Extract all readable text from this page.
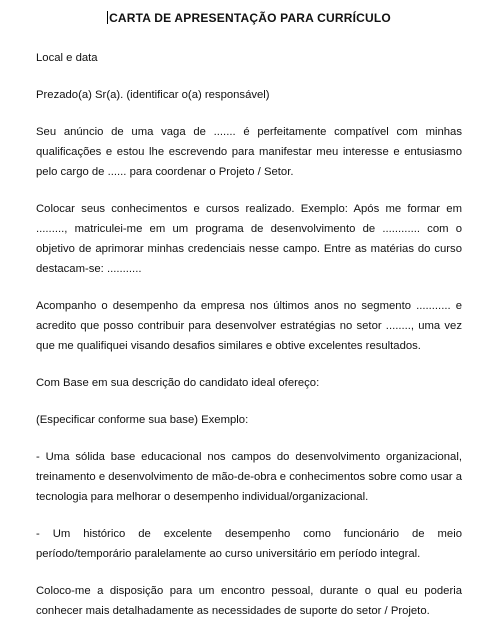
CARTA DE APRESENTAÇÃO PARA CURRÍCULO

Local e data

Prezado(a) Sr(a). (identificar o(a) responsável)

Seu anúncio de uma vaga de ....... é perfeitamente compatível com minhas qualificações e estou lhe escrevendo para manifestar meu interesse e entusiasmo pelo cargo de ...... para coordenar o Projeto / Setor.

Colocar seus conhecimentos e cursos realizado. Exemplo: Após me formar em ........., matriculei-me em um programa de desenvolvimento de ............ com o objetivo de aprimorar minhas credenciais nesse campo. Entre as matérias do curso destacam-se: ...........

Acompanho o desempenho da empresa nos últimos anos no segmento ........... e acredito que posso contribuir para desenvolver estratégias no setor ........, uma vez que me qualifiquei visando desafios similares e obtive excelentes resultados.

Com Base em sua descrição do candidato ideal ofereço:

(Especificar conforme sua base) Exemplo:

- Uma sólida base educacional nos campos do desenvolvimento organizacional, treinamento e desenvolvimento de mão-de-obra e conhecimentos sobre como usar a tecnologia para melhorar o desempenho individual/organizacional.

- Um histórico de excelente desempenho como funcionário de meio período/temporário paralelamente ao curso universitário em período integral.

Coloco-me a disposição para um encontro pessoal, durante o qual eu poderia conhecer mais detalhadamente as necessidades de suporte do setor / Projeto.
